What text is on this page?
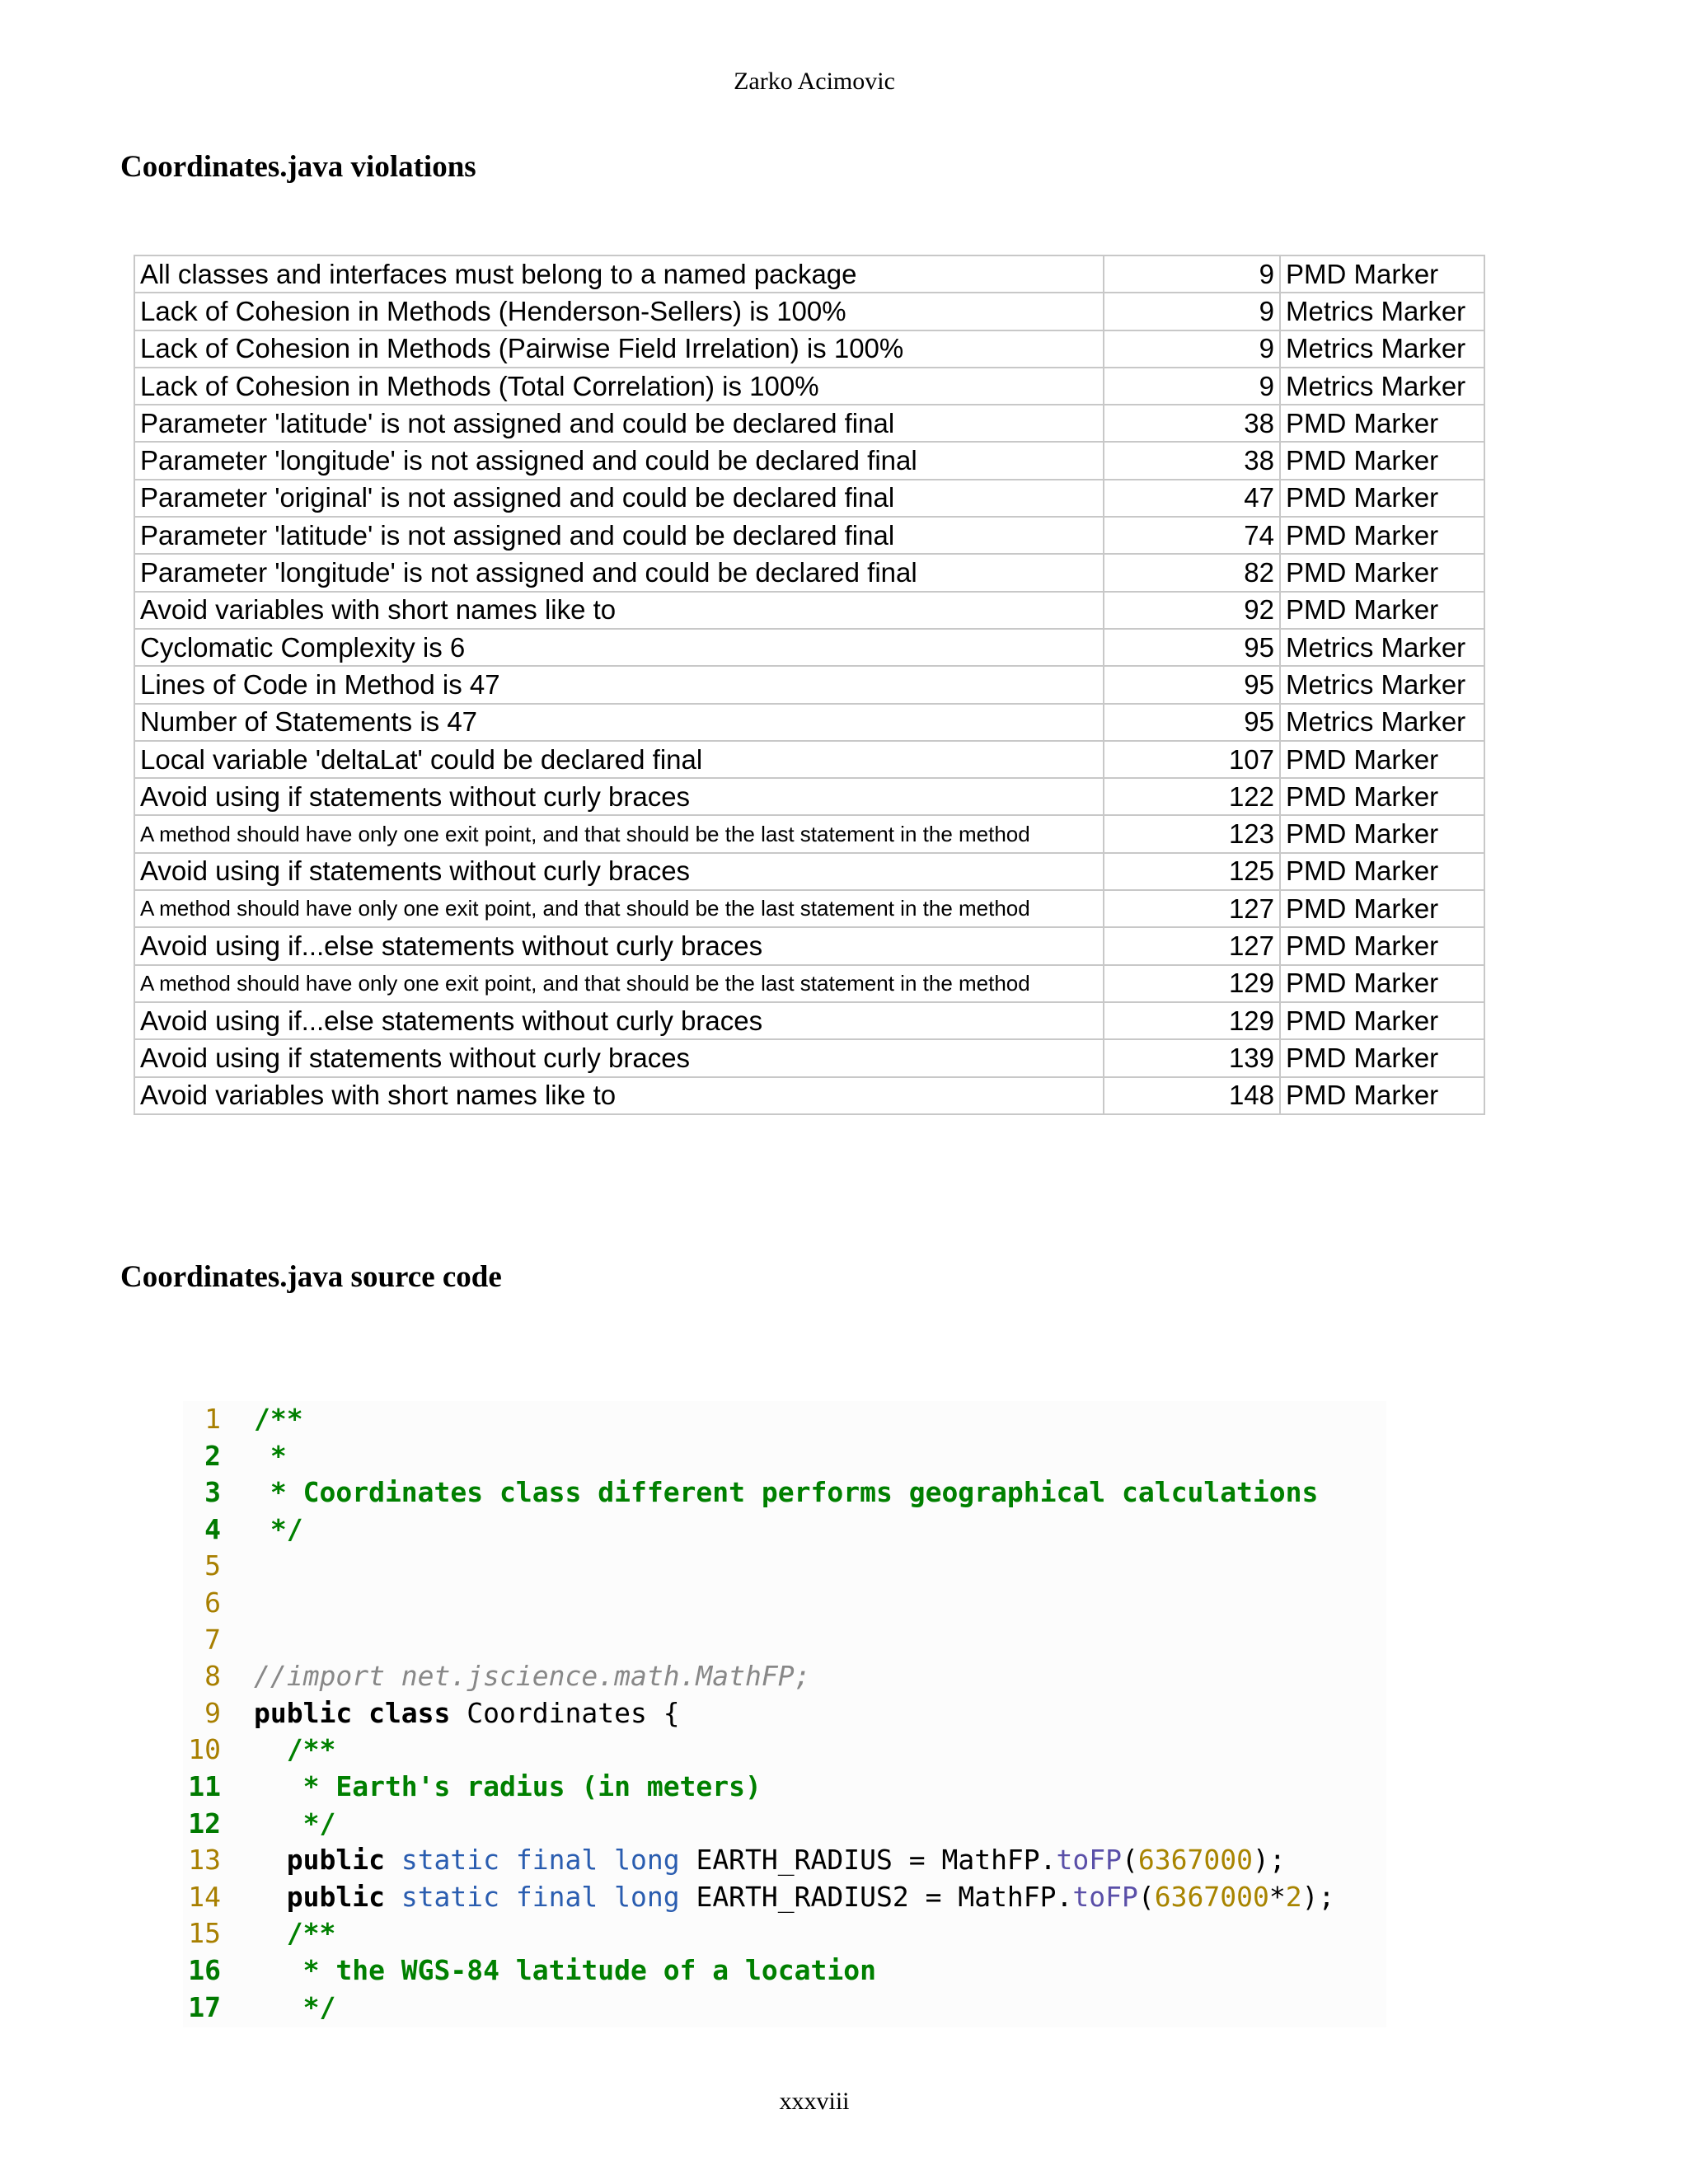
Zarko Acimovic
Coordinates.java violations
All classes and interfaces must belong to a named package	9	PMD Marker
Lack of Cohesion in Methods (Henderson-Sellers) is 100%	9	Metrics Marker
Lack of Cohesion in Methods (Pairwise Field Irrelation) is 100%	9	Metrics Marker
Lack of Cohesion in Methods (Total Correlation) is 100%	9	Metrics Marker
Parameter 'latitude' is not assigned and could be declared final	38	PMD Marker
Parameter 'longitude' is not assigned and could be declared final	38	PMD Marker
Parameter 'original' is not assigned and could be declared final	47	PMD Marker
Parameter 'latitude' is not assigned and could be declared final	74	PMD Marker
Parameter 'longitude' is not assigned and could be declared final	82	PMD Marker
Avoid variables with short names like to	92	PMD Marker
Cyclomatic Complexity is 6	95	Metrics Marker
Lines of Code in Method is 47	95	Metrics Marker
Number of Statements is 47	95	Metrics Marker
Local variable 'deltaLat' could be declared final	107	PMD Marker
Avoid using if statements without curly braces	122	PMD Marker
A method should have only one exit point, and that should be the last statement in the method	123	PMD Marker
Avoid using if statements without curly braces	125	PMD Marker
A method should have only one exit point, and that should be the last statement in the method	127	PMD Marker
Avoid using if...else statements without curly braces	127	PMD Marker
A method should have only one exit point, and that should be the last statement in the method	129	PMD Marker
Avoid using if...else statements without curly braces	129	PMD Marker
Avoid using if statements without curly braces	139	PMD Marker
Avoid variables with short names like to	148	PMD Marker
Coordinates.java source code
1 /**
2 *
3 * Coordinates class different performs geographical calculations
4 */
5
6
7
8 //import net.jscience.math.MathFP;
9 public class Coordinates {
10  /**
11   * Earth's radius (in meters)
12   */
13  public static final long EARTH_RADIUS = MathFP.toFP(6367000);
14  public static final long EARTH_RADIUS2 = MathFP.toFP(6367000*2);
15  /**
16   * the WGS-84 latitude of a location
17   */
xxxviii
